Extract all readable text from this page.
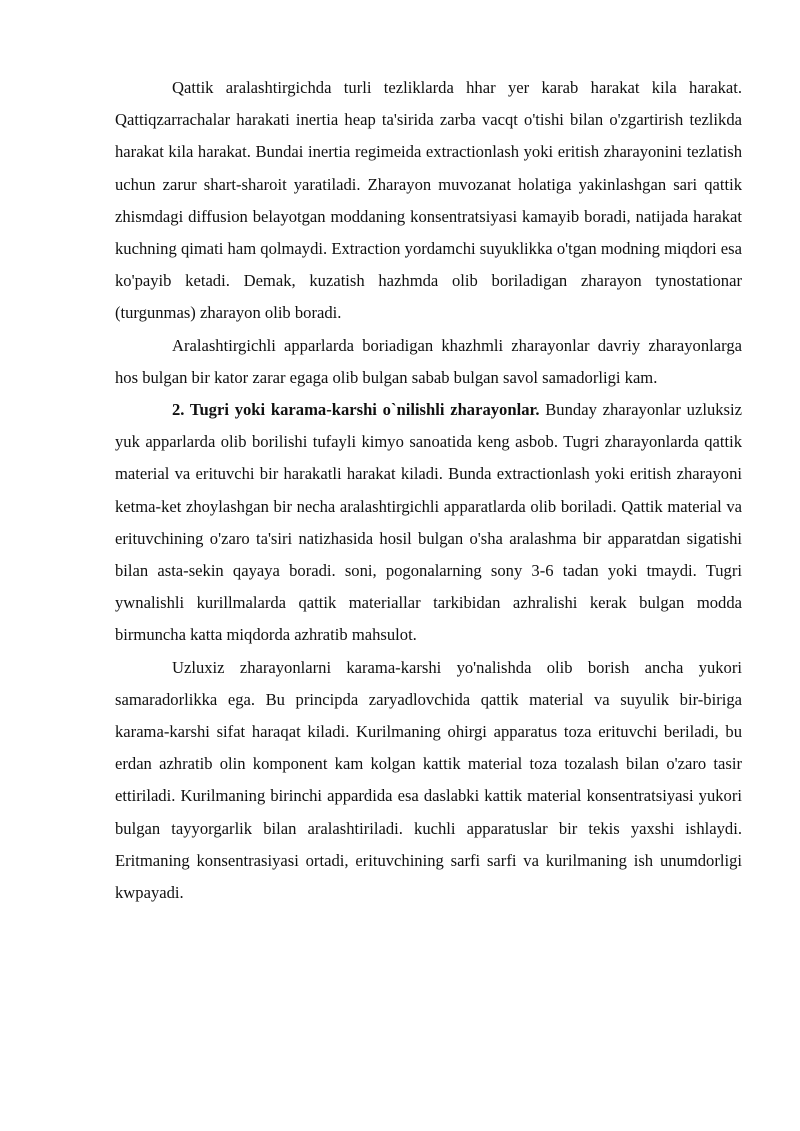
Qattik aralashtirgichda turli tezliklarda hhar yer karab harakat kila harakat. Qattiqzarrachalar harakati inertia heap ta'sirida zarba vacqt o'tishi bilan o'zgartirish tezlikda harakat kila harakat. Bundai inertia regimeida extractionlash yoki eritish zharayonini tezlatish uchun zarur shart-sharoit yaratiladi. Zharayon muvozanat holatiga yakinlashgan sari qattik zhismdagi diffusion belayotgan moddaning konsentratsiyasi kamayib boradi, natijada harakat kuchning qimati ham qolmaydi. Extraction yordamchi suyuklikka o'tgan modning miqdori esa ko'payib ketadi. Demak, kuzatish hazhmda olib boriladigan zharayon tynostationar (turgunmas) zharayon olib boradi.

Aralashtirgichli apparlarda boriadigan khazhmli zharayonlar davriy zharayonlarga hos bulgan bir kator zarar egaga olib bulgan sabab bulgan savol samadorligi kam.

2. Tugri yoki karama-karshi o`nilishli zharayonlar. Bunday zharayonlar uzluksiz yuk apparlarda olib borilishi tufayli kimyo sanoatida keng asbob. Tugri zharayonlarda qattik material va erituvchi bir harakatli harakat kiladi. Bunda extractionlash yoki eritish zharayoni ketma-ket zhoylashgan bir necha aralashtirgichli apparatlarda olib boriladi. Qattik material va erituvchining o'zaro ta'siri natizhasida hosil bulgan o'sha aralashma bir apparatdan sigatishi bilan asta-sekin qayaya boradi. soni, pogonalarning sony 3-6 tadan yoki tmaydi. Tugri ywnalishli kurillmalarda qattik materiallar tarkibidan azhralishi kerak bulgan modda birmuncha katta miqdorda azhratib mahsulot.

Uzluxiz zharayonlarni karama-karshi yo'nalishda olib borish ancha yukori samaradorlikka ega. Bu principda zaryadlovchida qattik material va suyulik bir-biriga karama-karshi sifat haraqat kiladi. Kurilmaning ohirgi apparatus toza erituvchi beriladi, bu erdan azhratib olin komponent kam kolgan kattik material toza tozalash bilan o'zaro tasir ettiriladi. Kurilmaning birinchi appardida esa daslabki kattik material konsentratsiyasi yukori bulgan tayyorgarlik bilan aralashtiriladi. kuchli apparatuslar bir tekis yaxshi ishlaydi. Eritmaning konsentrasiyasi ortadi, erituvchining sarfi sarfi va kurilmaning ish unumdorligi kwpayadi.
